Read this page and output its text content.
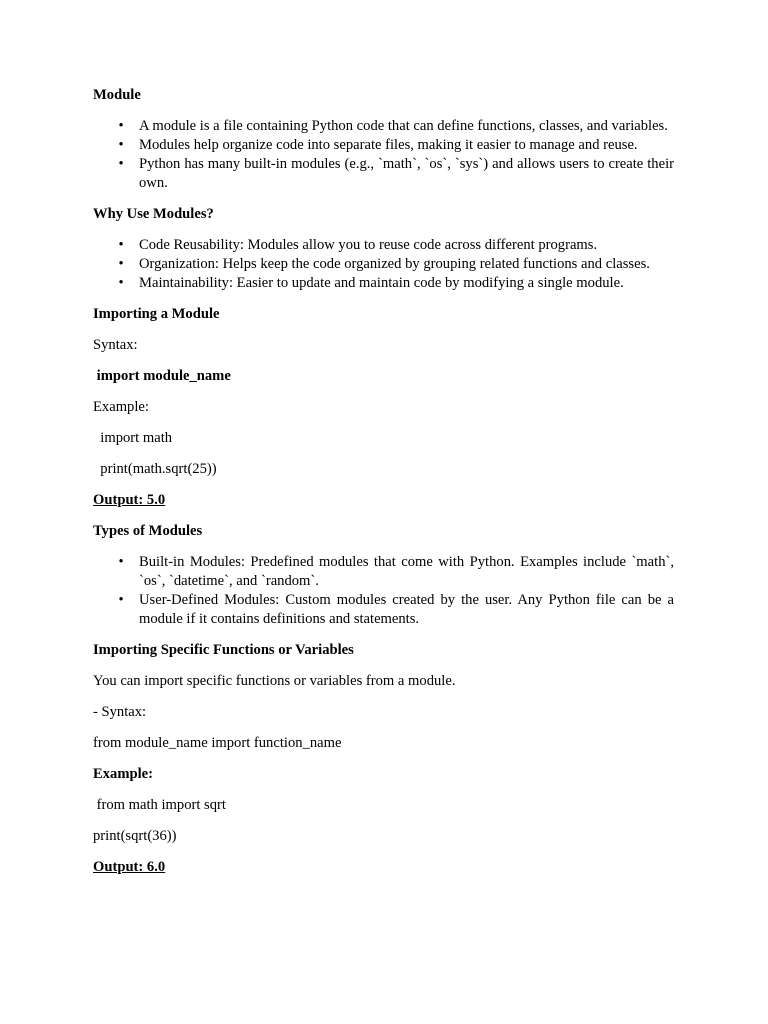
Module
• A module is a file containing Python code that can define functions, classes, and variables.
• Modules help organize code into separate files, making it easier to manage and reuse.
• Python has many built-in modules (e.g., `math`, `os`, `sys`) and allows users to create their own.
Why Use Modules?
• Code Reusability: Modules allow you to reuse code across different programs.
• Organization: Helps keep the code organized by grouping related functions and classes.
• Maintainability: Easier to update and maintain code by modifying a single module.
Importing a Module
Syntax:
import module_name
Example:
import math
print(math.sqrt(25))
Output: 5.0
Types of Modules
• Built-in Modules: Predefined modules that come with Python. Examples include `math`, `os`, `datetime`, and `random`.
• User-Defined Modules: Custom modules created by the user. Any Python file can be a module if it contains definitions and statements.
Importing Specific Functions or Variables
You can import specific functions or variables from a module.
- Syntax:
from module_name import function_name
Example:
from math import sqrt
print(sqrt(36))
Output: 6.0
